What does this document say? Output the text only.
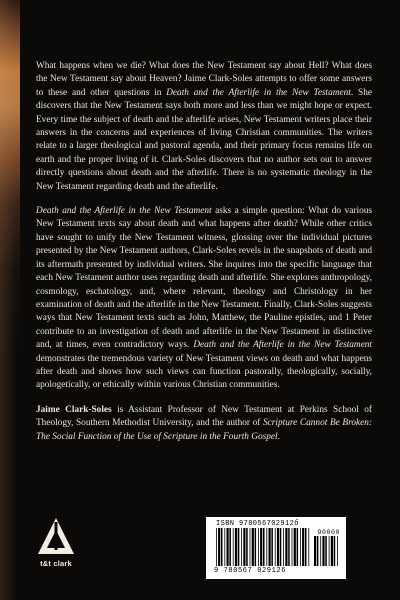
What happens when we die? What does the New Testament say about Hell? What does the New Testament say about Heaven? Jaime Clark-Soles attempts to offer some answers to these and other questions in Death and the Afterlife in the New Testament. She discovers that the New Testament says both more and less than we might hope or expect. Every time the subject of death and the afterlife arises, New Testament writers place their answers in the concerns and experiences of living Christian communities. The writers relate to a larger theological and pastoral agenda, and their primary focus remains life on earth and the proper living of it. Clark-Soles discovers that no author sets out to answer directly questions about death and the afterlife. There is no systematic theology in the New Testament regarding death and the afterlife.

Death and the Afterlife in the New Testament asks a simple question: What do various New Testament texts say about death and what happens after death? While other critics have sought to unify the New Testament witness, glossing over the individual pictures presented by the New Testament authors, Clark-Soles revels in the snapshots of death and its aftermath presented by individual writers. She inquires into the specific language that each New Testament author uses regarding death and afterlife. She explores anthropology, cosmology, eschatology, and, where relevant, theology and Christology in her examination of death and the afterlife in the New Testament. Finally, Clark-Soles suggests ways that New Testament texts such as John, Matthew, the Pauline epistles, and 1 Peter contribute to an investigation of death and afterlife in the New Testament in distinctive and, at times, even contradictory ways. Death and the Afterlife in the New Testament demonstrates the tremendous variety of New Testament views on death and what happens after death and shows how such views can function pastorally, theologically, socially, apologetically, or ethically within various Christian communities.

Jaime Clark-Soles is Assistant Professor of New Testament at Perkins School of Theology, Southern Methodist University, and the author of Scripture Cannot Be Broken: The Social Function of the Use of Scripture in the Fourth Gospel.

t&t clark
ISBN 978056702912б
90000
9 780567 029126
